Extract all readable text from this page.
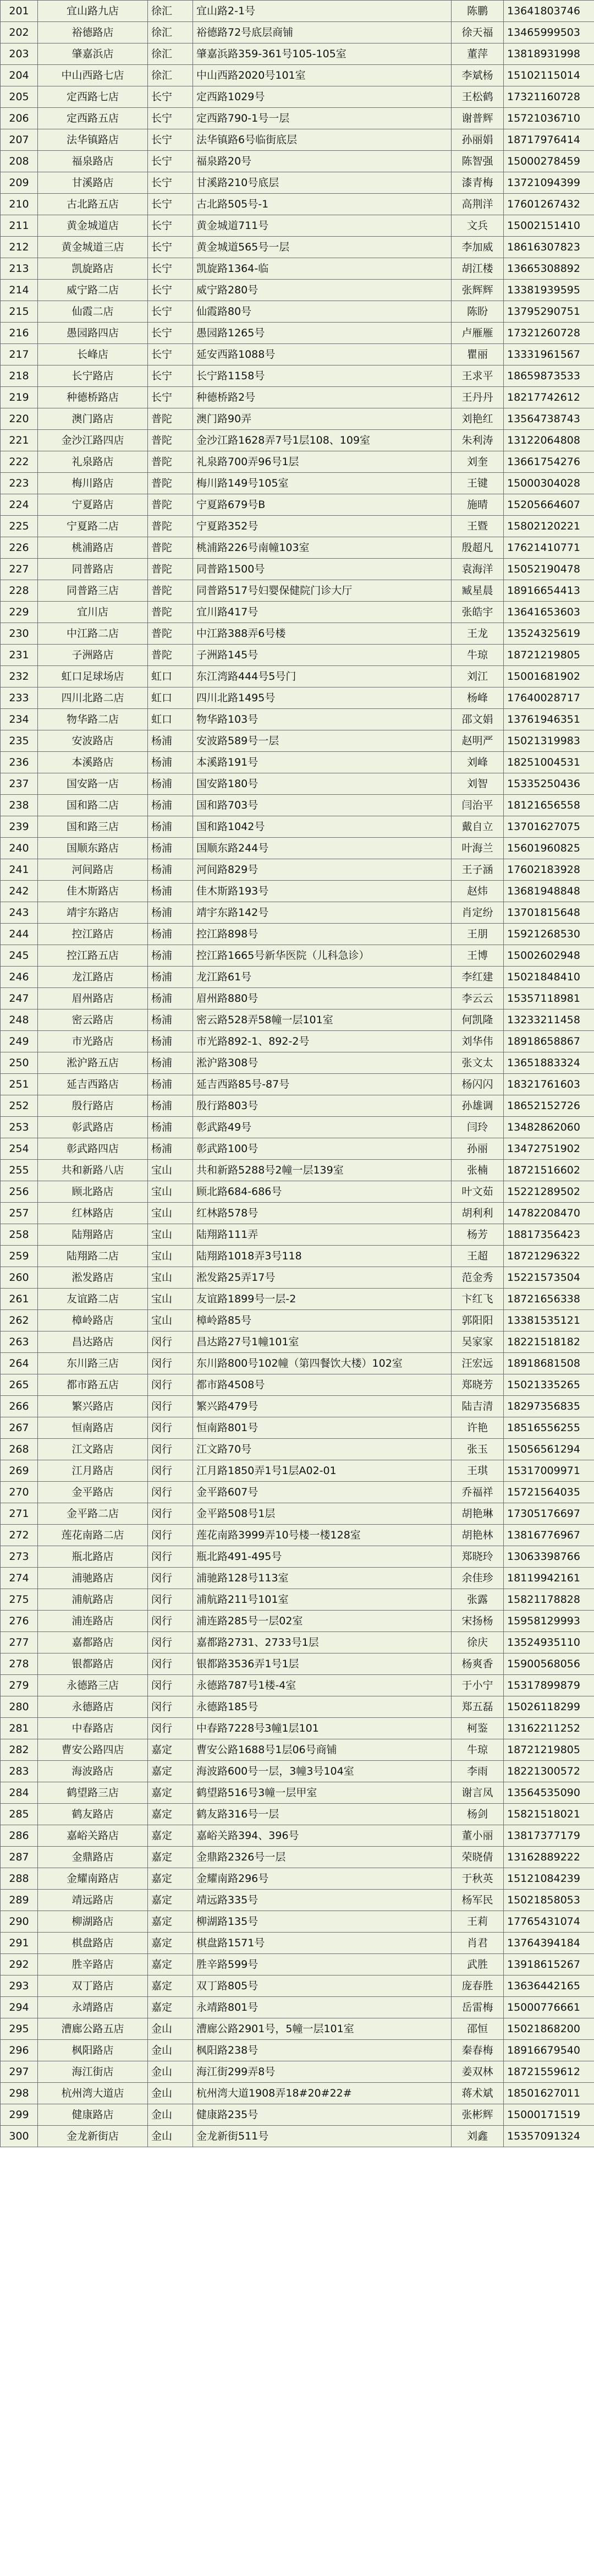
201	宜山路九店	徐汇	宜山路2-1号	陈鹏	13641803746
202	裕德路店	徐汇	裕德路72号底层商铺	徐天福	13465999503
203	肇嘉浜店	徐汇	肇嘉浜路359-361号105-105室	董萍	13818931998
204	中山西路七店	徐汇	中山西路2020号101室	李斌杨	15102115014
205	定西路七店	长宁	定西路1029号	王松鹤	17321160728
206	定西路五店	长宁	定西路790-1号一层	谢普辉	15721036710
207	法华镇路店	长宁	法华镇路6号临街底层	孙丽娟	18717976414
208	福泉路店	长宁	福泉路20号	陈智强	15000278459
209	甘溪路店	长宁	甘溪路210号底层	漆青梅	13721094399
210	古北路五店	长宁	古北路505号-1	高荆洋	17601267432
211	黄金城道店	长宁	黄金城道711号	文兵	15002151410
212	黄金城道三店	长宁	黄金城道565号一层	李加威	18616307823
213	凯旋路店	长宁	凯旋路1364-临	胡江楼	13665308892
214	威宁路二店	长宁	威宁路280号	张辉辉	13381939595
215	仙霞二店	长宁	仙霞路80号	陈盼	13795290751
216	愚园路四店	长宁	愚园路1265号	卢雁雁	17321260728
217	长峰店	长宁	延安西路1088号	瞿丽	13331961567
218	长宁路店	长宁	长宁路1158号	王求平	18659873533
219	种德桥路店	长宁	种德桥路2号	王丹丹	18217742612
220	澳门路店	普陀	澳门路90弄	刘艳红	13564738743
221	金沙江路四店	普陀	金沙江路1628弄7号1层108、109室	朱利涛	13122064808
222	礼泉路店	普陀	礼泉路700弄96号1层	刘奎	13661754276
223	梅川路店	普陀	梅川路149号105室	王键	15000304028
224	宁夏路店	普陀	宁夏路679号B	施晴	15205664607
225	宁夏路二店	普陀	宁夏路352号	王暨	15802120221
226	桃浦路店	普陀	桃浦路226号南幢103室	殷超凡	17621410771
227	同普路店	普陀	同普路1500号	袁海洋	15052190478
228	同普路三店	普陀	同普路517号妇婴保健院门诊大厅	臧星晨	18916654413
229	宜川店	普陀	宜川路417号	张皓宇	13641653603
230	中江路二店	普陀	中江路388弄6号楼	王龙	13524325619
231	子洲路店	普陀	子洲路145号	牛琼	18721219805
232	虹口足球场店	虹口	东江湾路444号5号门	刘江	15001681902
233	四川北路二店	虹口	四川北路1495号	杨峰	17640028717
234	物华路二店	虹口	物华路103号	邵文娟	13761946351
235	安波路店	杨浦	安波路589号一层	赵明严	15021319983
236	本溪路店	杨浦	本溪路191号	刘峰	18251004531
237	国安路一店	杨浦	国安路180号	刘智	15335250436
238	国和路二店	杨浦	国和路703号	闫治平	18121656558
239	国和路三店	杨浦	国和路1042号	戴自立	13701627075
240	国顺东路店	杨浦	国顺东路244号	叶海兰	15601960825
241	河间路店	杨浦	河间路829号	王子涵	17602183928
242	佳木斯路店	杨浦	佳木斯路193号	赵炜	13681948848
243	靖宇东路店	杨浦	靖宇东路142号	肖定纷	13701815648
244	控江路店	杨浦	控江路898号	王朋	15921268530
245	控江路五店	杨浦	控江路1665号新华医院（儿科急诊）	王博	15002602948
246	龙江路店	杨浦	龙江路61号	李红建	15021848410
247	眉州路店	杨浦	眉州路880号	李云云	15357118981
248	密云路店	杨浦	密云路528弄58幢一层101室	何凯隆	13233211458
249	市光路店	杨浦	市光路892-1、892-2号	刘华伟	18918658867
250	淞沪路五店	杨浦	淞沪路308号	张文太	13651883324
251	延吉西路店	杨浦	延吉西路85号-87号	杨闪闪	18321761603
252	殷行路店	杨浦	殷行路803号	孙雄调	18652152726
253	彰武路店	杨浦	彰武路49号	闫玲	13482862060
254	彰武路四店	杨浦	彰武路100号	孙丽	13472751902
255	共和新路八店	宝山	共和新路5288号2幢一层139室	张楠	18721516602
256	顾北路店	宝山	顾北路684-686号	叶文茹	15221289502
257	红林路店	宝山	红林路578号	胡利利	14782208470
258	陆翔路店	宝山	陆翔路111弄	杨芳	18817356423
259	陆翔路二店	宝山	陆翔路1018弄3号118	王超	18721296322
260	淞发路店	宝山	淞发路25弄17号	范金秀	15221573504
261	友谊路二店	宝山	友谊路1899号一层-2	卞红飞	18721656338
262	樟岭路店	宝山	樟岭路85号	郭阳阳	13381535121
263	昌达路店	闵行	昌达路27号1幢101室	吴家家	18221518182
264	东川路三店	闵行	东川路800号102幢（第四餐饮大楼）102室	汪宏远	18918681508
265	都市路五店	闵行	都市路4508号	郑晓芳	15021335265
266	繁兴路店	闵行	繁兴路479号	陆吉清	18297356835
267	恒南路店	闵行	恒南路801号	许艳	18516556255
268	江文路店	闵行	江文路70号	张玉	15056561294
269	江月路店	闵行	江月路1850弄1号1层A02-01	王琪	15317009971
270	金平路店	闵行	金平路607号	乔福祥	15721564035
271	金平路二店	闵行	金平路508号1层	胡艳琳	17305176697
272	莲花南路二店	闵行	莲花南路3999弄10号楼一楼128室	胡艳林	13816776967
273	瓶北路店	闵行	瓶北路491-495号	郑晓玲	13063398766
274	浦驰路店	闵行	浦驰路128号113室	余佳珍	18119942161
275	浦航路店	闵行	浦航路211号101室	张露	15821178828
276	浦连路店	闵行	浦连路285号一层02室	宋扬杨	15958129993
277	嘉都路店	闵行	嘉都路2731、2733号1层	徐庆	13524935110
278	银都路店	闵行	银都路3536弄1号1层	杨爽香	15900568056
279	永德路三店	闵行	永德路787号1楼-4室	于小宁	15317899879
280	永德路店	闵行	永德路185号	郑五磊	15026118299
281	中春路店	闵行	中春路7228号3幢1层101	柯鉴	13162211252
282	曹安公路四店	嘉定	曹安公路1688号1层06号商铺	牛琼	18721219805
283	海波路店	嘉定	海波路600号一层，3幢3号104室	李雨	18221300572
284	鹤望路三店	嘉定	鹤望路516号3幢一层甲室	谢言凤	13564535090
285	鹤友路店	嘉定	鹤友路316号一层	杨剑	15821518021
286	嘉峪关路店	嘉定	嘉峪关路394、396号	董小丽	13817377179
287	金鼎路店	嘉定	金鼎路2326号一层	荣晓倩	13162889222
288	金耀南路店	嘉定	金耀南路296号	于秋英	15121084239
289	靖远路店	嘉定	靖远路335号	杨军民	15021858053
290	柳湖路店	嘉定	柳湖路135号	王莉	17765431074
291	棋盘路店	嘉定	棋盘路1571号	肖君	13764394184
292	胜辛路店	嘉定	胜辛路599号	武胜	13918615267
293	双丁路店	嘉定	双丁路805号	庞春胜	13636442165
294	永靖路店	嘉定	永靖路801号	岳雷梅	15000776661
295	漕廊公路五店	金山	漕廊公路2901号，5幢一层101室	邵恒	15021868200
296	枫阳路店	金山	枫阳路238号	秦春梅	18916679540
297	海江街店	金山	海江街299弄8号	姜双林	18721559612
298	杭州湾大道店	金山	杭州湾大道1908弄18#20#22#	蒋术斌	18501627011
299	健康路店	金山	健康路235号	张彬辉	15000171519
300	金龙新街店	金山	金龙新街511号	刘鑫	15357091324
